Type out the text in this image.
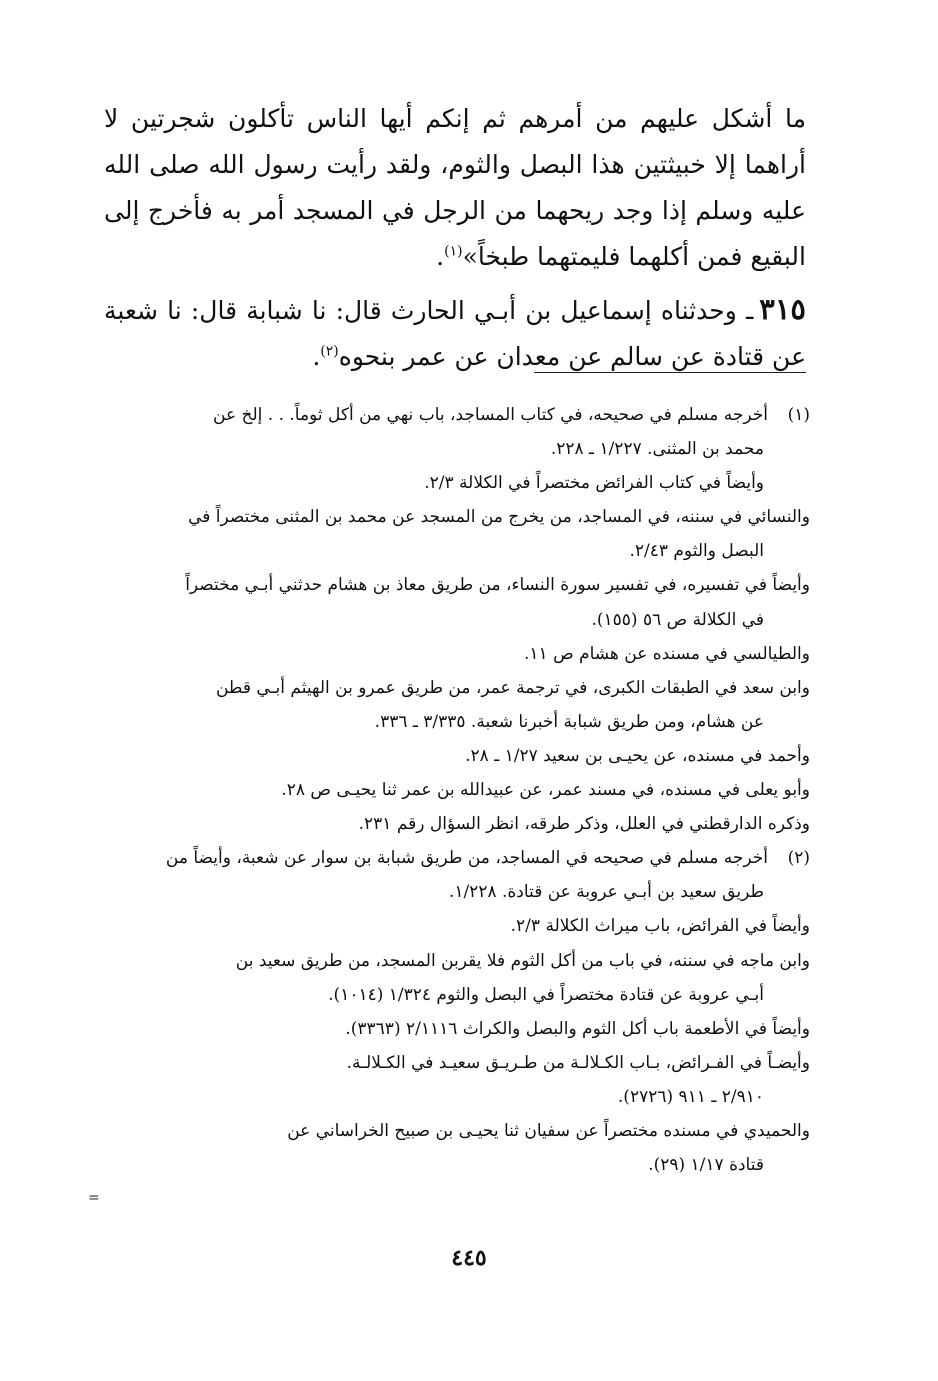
ما أشكل عليهم من أمرهم ثم إنكم أيها الناس تأكلون شجرتين لا أراهما إلا خبيثتين هذا البصل والثوم، ولقد رأيت رسول الله صلى الله عليه وسلم إذا وجد ريحهما من الرجل في المسجد أمر به فأخرج إلى البقيع فمن أكلهما فليمتهما طبخاً»$^{(١)}$.

٣١٥ـ وحدثناه إسماعيل بن أبـي الحارث قال: نا شبابة قال: نا شعبة عن قتادة عن سالم عن معدان عن عمر بنحوه$^{(٢)}$.

(١)أخرجه مسلم في صحيحه، في كتاب المساجد، باب نهي من أكل ثوماً. . . إلخ عن
محمد بن المثنى. ١/٢٢٧ ـ ٢٢٨.
وأيضاً في كتاب الفرائض مختصراً في الكلالة ٢/٣.
والنسائي في سننه، في المساجد، من يخرج من المسجد عن محمد بن المثنى مختصراً في
البصل والثوم ٢/٤٣.
وأيضاً في تفسيره، في تفسير سورة النساء، من طريق معاذ بن هشام حدثني أبـي مختصراً
في الكلالة ص ٥٦ (١٥٥).
والطيالسي في مسنده عن هشام ص ١١.
وابن سعد في الطبقات الكبرى، في ترجمة عمر، من طريق عمرو بن الهيثم أبـي قطن
عن هشام، ومن طريق شبابة أخبرنا شعبة. ٣/٣٣٥ ـ ٣٣٦.
وأحمد في مسنده، عن يحيـى بن سعيد ١/٢٧ ـ ٢٨.
وأبو يعلى في مسنده، في مسند عمر، عن عبيدالله بن عمر ثنا يحيـى ص ٢٨.
وذكره الدارقطني في العلل، وذكر طرقه، انظر السؤال رقم ٢٣١.
(٢)أخرجه مسلم في صحيحه في المساجد، من طريق شبابة بن سوار عن شعبة، وأيضاً من
طريق سعيد بن أبـي عروبة عن قتادة. ١/٢٢٨.
وأيضاً في الفرائض، باب ميراث الكلالة ٢/٣.
وابن ماجه في سننه، في باب من أكل الثوم فلا يقربن المسجد، من طريق سعيد بن
أبـي عروبة عن قتادة مختصراً في البصل والثوم ١/٣٢٤ (١٠١٤).
وأيضاً في الأطعمة باب أكل الثوم والبصل والكراث ٢/١١١٦ (٣٣٦٣).
وأيضـاً في الفـرائض، بـاب الكـلالـة من طـريـق سعيـد في الكـلالـة.
٢/٩١٠ ـ ٩١١ (٢٧٢٦).
والحميدي في مسنده مختصراً عن سفيان ثنا يحيـى بن صبيح الخراساني عن
قتادة ١/١٧ (٢٩).
=
٤٤٥
